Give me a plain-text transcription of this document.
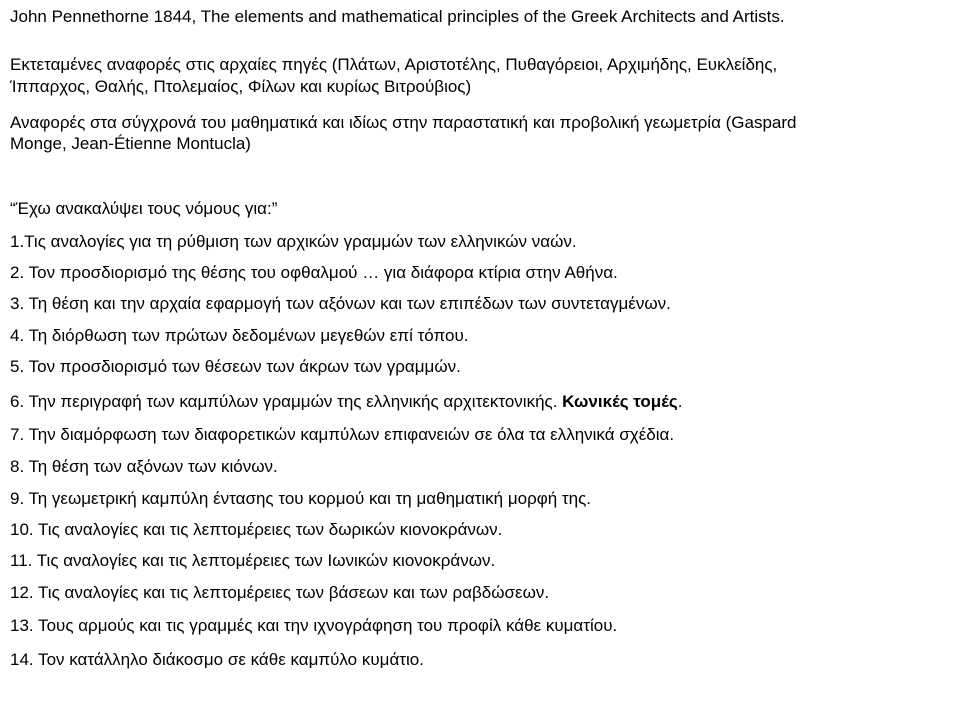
John Pennethorne 1844, The elements and mathematical principles of the Greek Architects and Artists.
Εκτεταμένες αναφορές στις αρχαίες πηγές (Πλάτων, Αριστοτέλης, Πυθαγόρειοι, Αρχιμήδης, Ευκλείδης,
Ίππαρχος, Θαλής, Πτολεμαίος, Φίλων και κυρίως Βιτρούβιος)
Αναφορές στα σύγχρονά του μαθηματικά και ιδίως στην παραστατική και προβολική γεωμετρία (Gaspard
Monge, Jean-Étienne Montucla)
“Έχω ανακαλύψει τους νόμους για:”
1.Τις αναλογίες για τη ρύθμιση των αρχικών γραμμών των ελληνικών ναών.
2. Τον προσδιορισμό της θέσης του οφθαλμού … για διάφορα κτίρια στην Αθήνα.
3. Τη θέση και την αρχαία εφαρμογή των αξόνων και των επιπέδων των συντεταγμένων.
4. Τη διόρθωση των πρώτων δεδομένων μεγεθών επί τόπου.
5. Τον προσδιορισμό των θέσεων των άκρων των γραμμών.
6. Την περιγραφή των καμπύλων γραμμών της ελληνικής αρχιτεκτονικής. Κωνικές τομές.
7. Την διαμόρφωση των διαφορετικών καμπύλων επιφανειών σε όλα τα ελληνικά σχέδια.
8. Τη θέση των αξόνων των κιόνων.
9. Τη γεωμετρική καμπύλη έντασης του κορμού και τη μαθηματική μορφή της.
10. Τις αναλογίες και τις λεπτομέρειες των δωρικών κιονοκράνων.
11. Τις αναλογίες και τις λεπτομέρειες των Ιωνικών κιονοκράνων.
12. Τις αναλογίες και τις λεπτομέρειες των βάσεων και των ραβδώσεων.
13. Τους αρμούς και τις γραμμές και την ιχνογράφηση του προφίλ κάθε κυματίου.
14. Τον κατάλληλο διάκοσμο σε κάθε καμπύλο κυμάτιο.
